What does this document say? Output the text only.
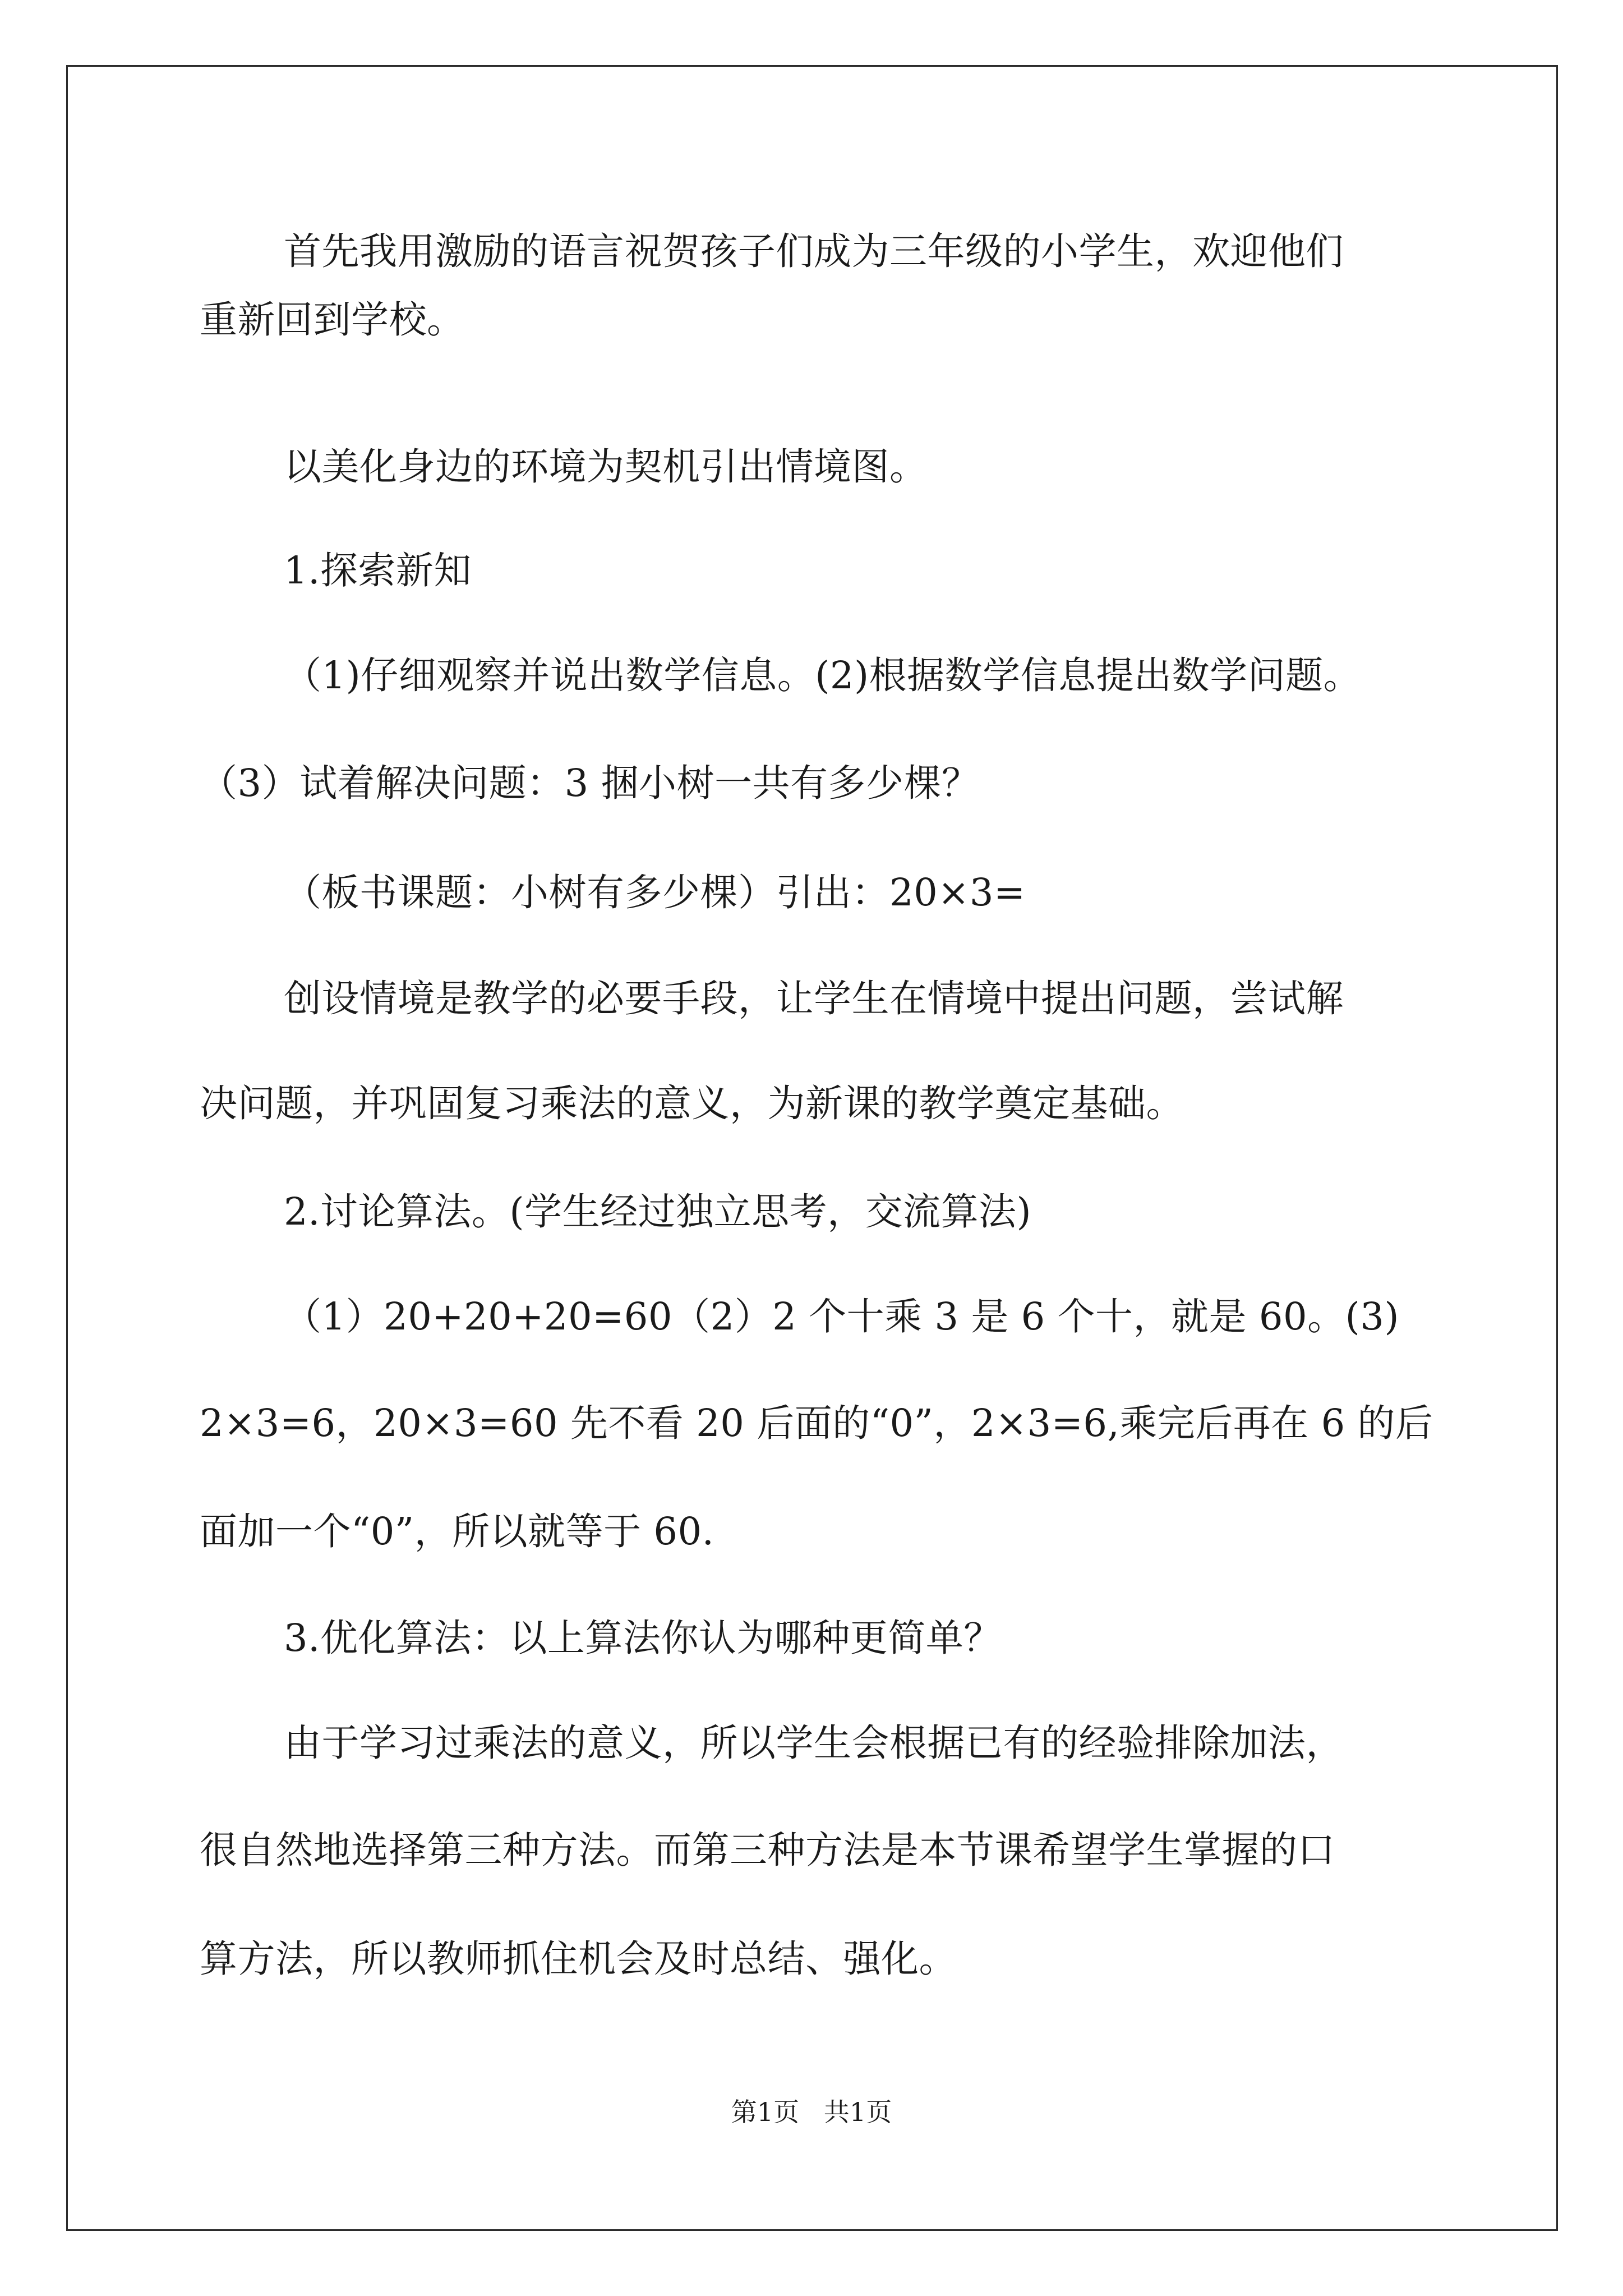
首先我用激励的语言祝贺孩子们成为三年级的小学生，欢迎他们

重新回到学校。

以美化身边的环境为契机引出情境图。

1.探索新知

（1)仔细观察并说出数学信息。(2)根据数学信息提出数学问题。

（3）试着解决问题：3 捆小树一共有多少棵？

（板书课题：小树有多少棵）引出：20×3=

创设情境是教学的必要手段，让学生在情境中提出问题，尝试解

决问题，并巩固复习乘法的意义，为新课的教学奠定基础。

2.讨论算法。(学生经过独立思考，交流算法)

（1）20+20+20=60（2）2 个十乘 3 是 6 个十，就是 60。(3)

2×3=6，20×3=60 先不看 20 后面的“0”，2×3=6,乘完后再在 6 的后

面加一个“0”，所以就等于 60.

3.优化算法：以上算法你认为哪种更简单？

由于学习过乘法的意义，所以学生会根据已有的经验排除加法，

很自然地选择第三种方法。而第三种方法是本节课希望学生掌握的口

算方法，所以教师抓住机会及时总结、强化。

第1页   共1页
